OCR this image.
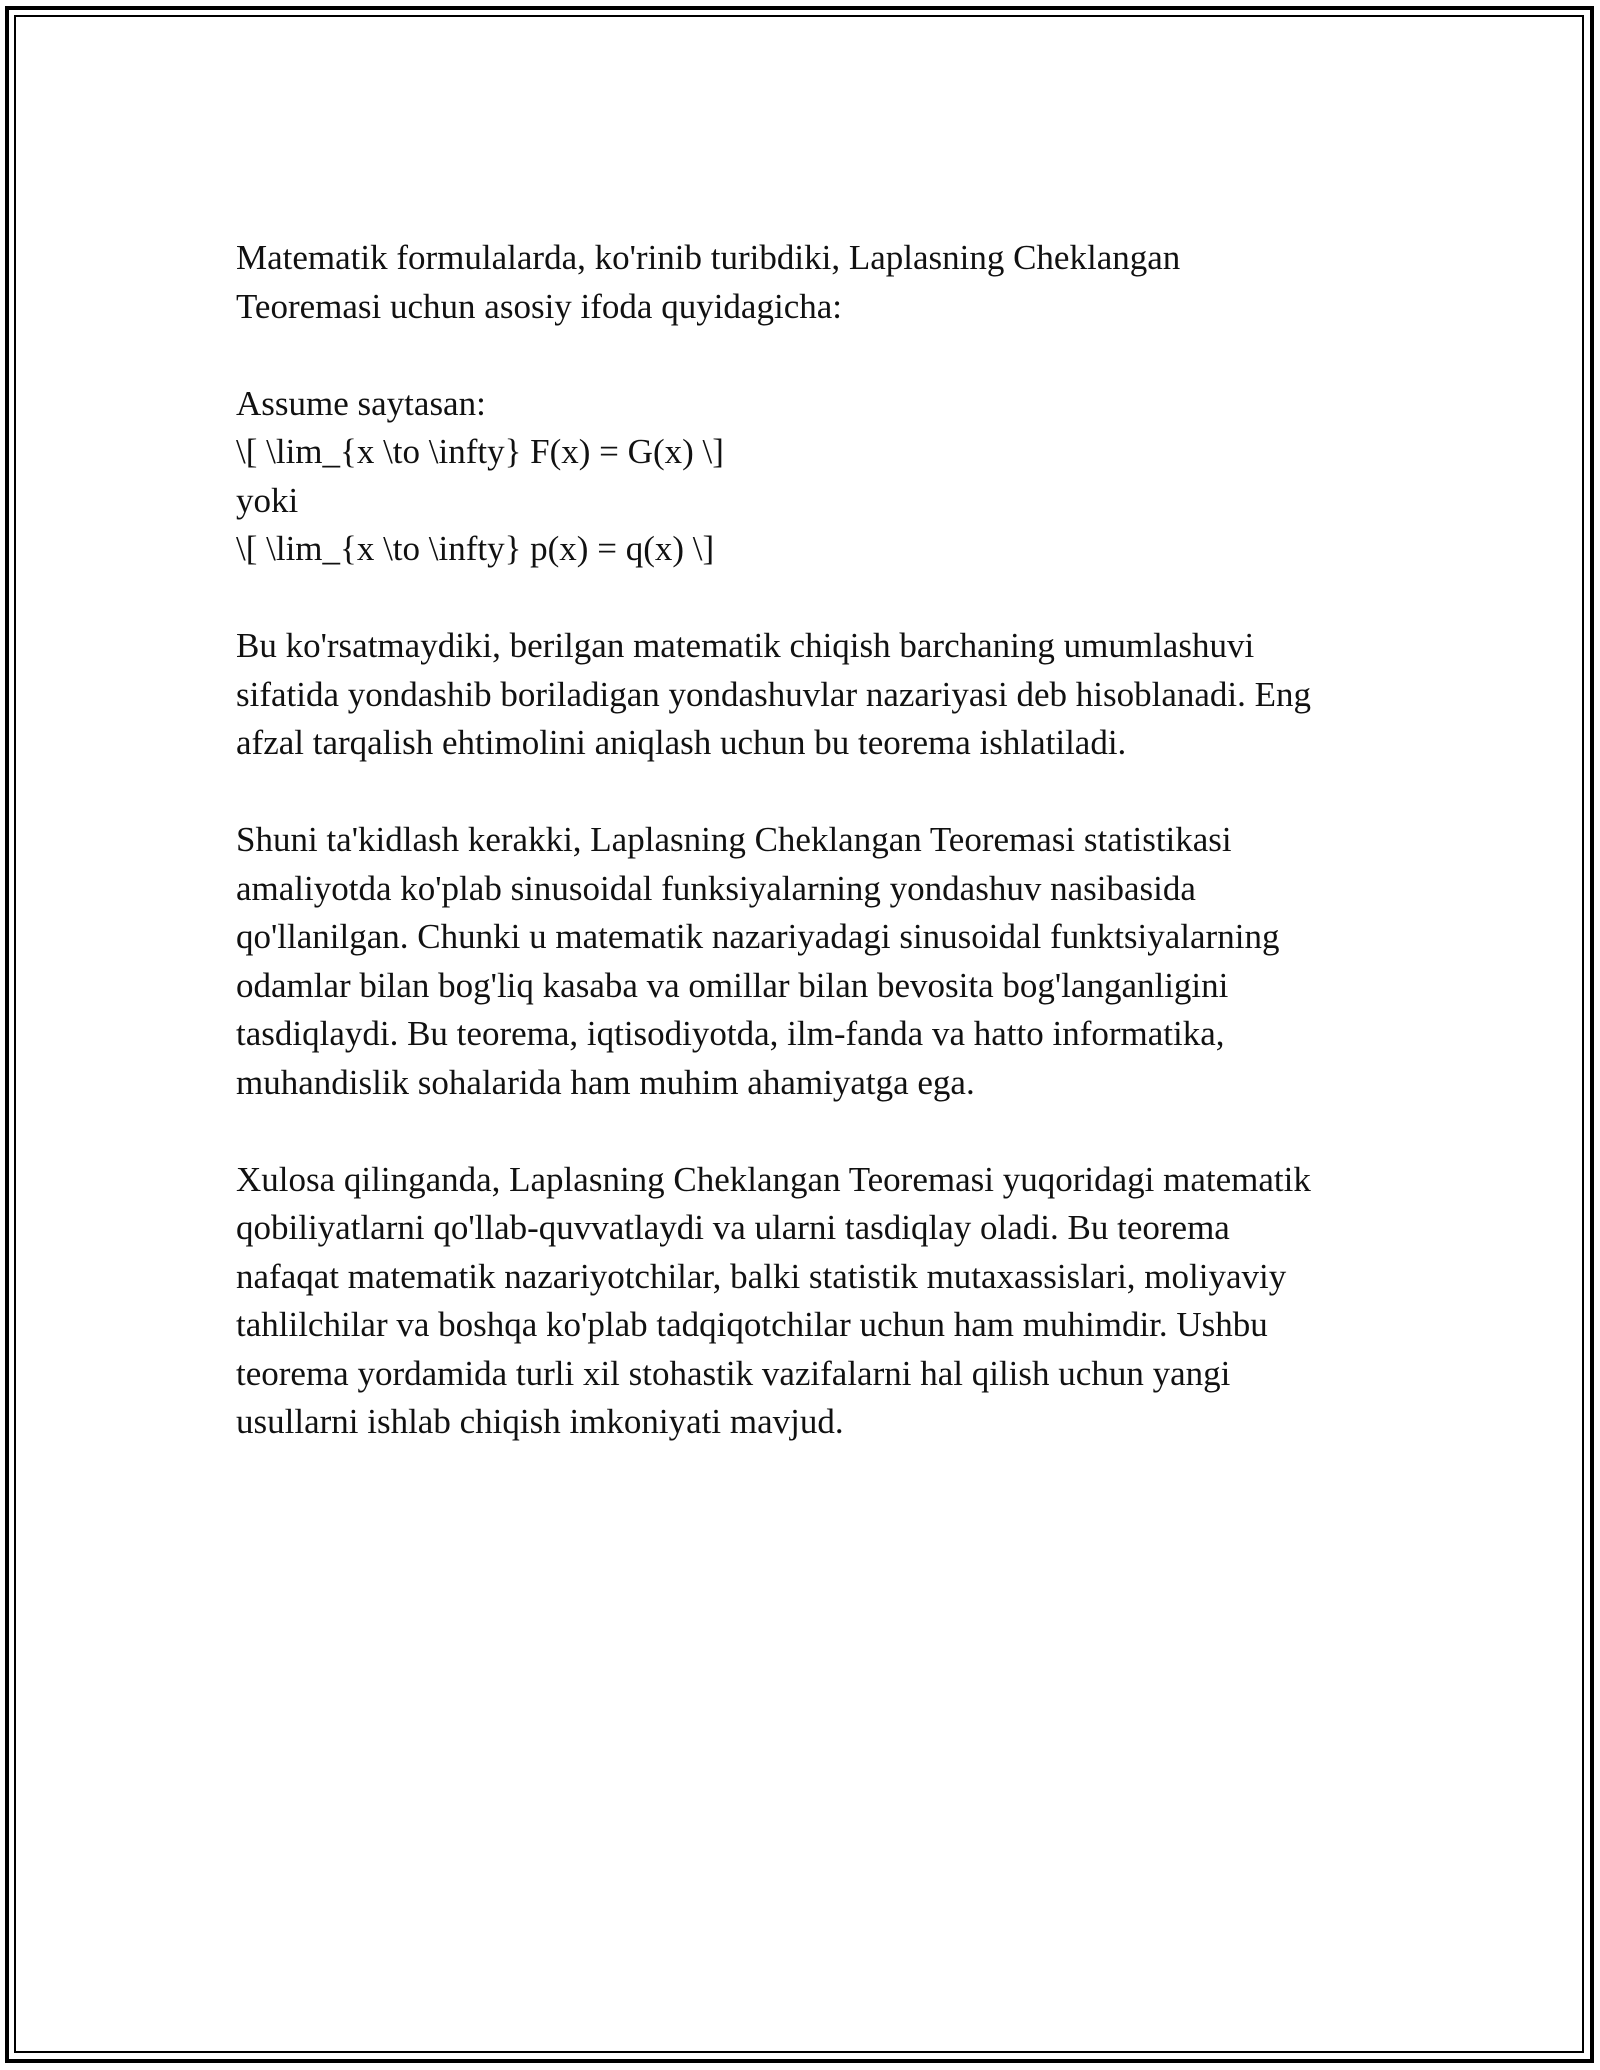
Matematik formulalarda, ko'rinib turibdiki, Laplasning Cheklangan
Teoremasi uchun asosiy ifoda quyidagicha:

Assume saytasan:
\[ \lim_{x \to \infty} F(x) = G(x) \]
yoki
\[ \lim_{x \to \infty} p(x) = q(x) \]

Bu ko'rsatmaydiki, berilgan matematik chiqish barchaning umumlashuvi
sifatida yondashib boriladigan yondashuvlar nazariyasi deb hisoblanadi. Eng
afzal tarqalish ehtimolini aniqlash uchun bu teorema ishlatiladi.

Shuni ta'kidlash kerakki, Laplasning Cheklangan Teoremasi statistikasi
amaliyotda ko'plab sinusoidal funksiyalarning yondashuv nasibasida
qo'llanilgan. Chunki u matematik nazariyadagi sinusoidal funktsiyalarning
odamlar bilan bog'liq kasaba va omillar bilan bevosita bog'langanligini
tasdiqlaydi. Bu teorema, iqtisodiyotda, ilm-fanda va hatto informatika,
muhandislik sohalarida ham muhim ahamiyatga ega.

Xulosa qilinganda, Laplasning Cheklangan Teoremasi yuqoridagi matematik
qobiliyatlarni qo'llab-quvvatlaydi va ularni tasdiqlay oladi. Bu teorema
nafaqat matematik nazariyotchilar, balki statistik mutaxassislari, moliyaviy
tahlilchilar va boshqa ko'plab tadqiqotchilar uchun ham muhimdir. Ushbu
teorema yordamida turli xil stohastik vazifalarni hal qilish uchun yangi
usullarni ishlab chiqish imkoniyati mavjud.
